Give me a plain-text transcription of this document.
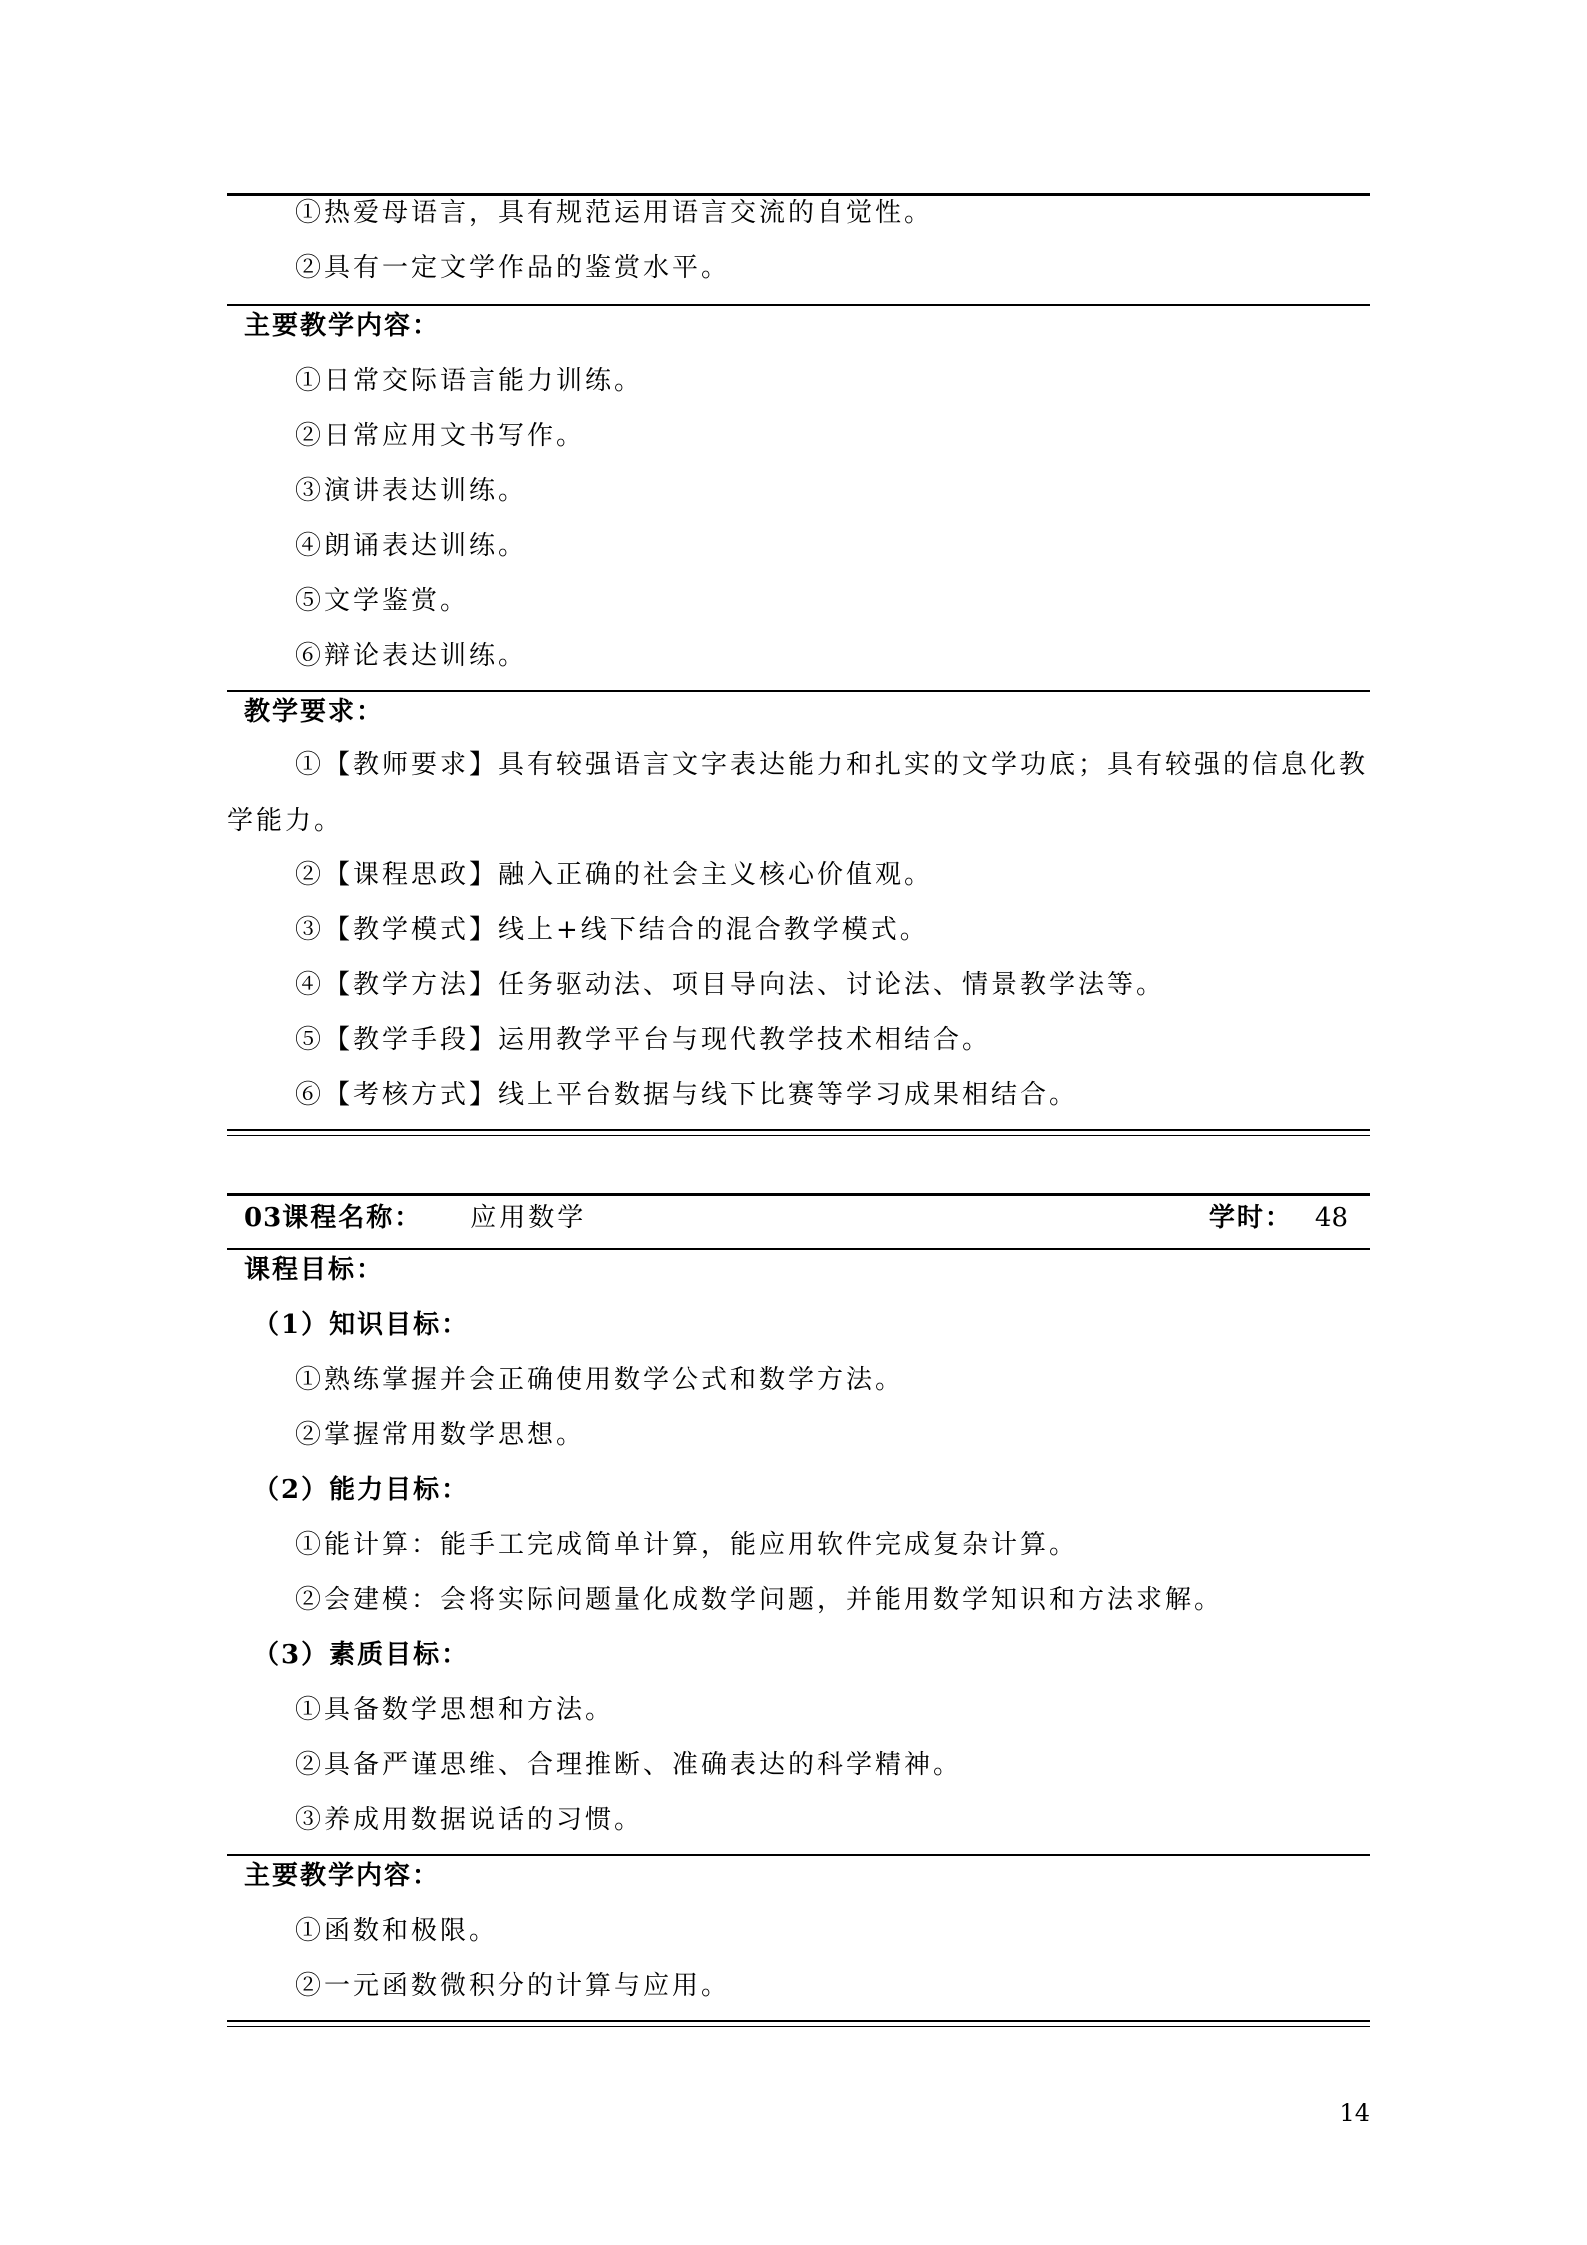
①热爱母语言，具有规范运用语言交流的自觉性。
②具有一定文学作品的鉴赏水平。
主要教学内容：
①日常交际语言能力训练。
②日常应用文书写作。
③演讲表达训练。
④朗诵表达训练。
⑤文学鉴赏。
⑥辩论表达训练。
教学要求：
①【教师要求】具有较强语言文字表达能力和扎实的文学功底；具有较强的信息化教学能力。
②【课程思政】融入正确的社会主义核心价值观。
③【教学模式】线上+线下结合的混合教学模式。
④【教学方法】任务驱动法、项目导向法、讨论法、情景教学法等。
⑤【教学手段】运用教学平台与现代教学技术相结合。
⑥【考核方式】线上平台数据与线下比赛等学习成果相结合。
03 课程名称：	应用数学	学时： 48
课程目标：
（1）知识目标：
①熟练掌握并会正确使用数学公式和数学方法。
②掌握常用数学思想。
（2）能力目标：
①能计算：能手工完成简单计算，能应用软件完成复杂计算。
②会建模：会将实际问题量化成数学问题，并能用数学知识和方法求解。
（3）素质目标：
①具备数学思想和方法。
②具备严谨思维、合理推断、准确表达的科学精神。
③养成用数据说话的习惯。
主要教学内容：
①函数和极限。
②一元函数微积分的计算与应用。
14
